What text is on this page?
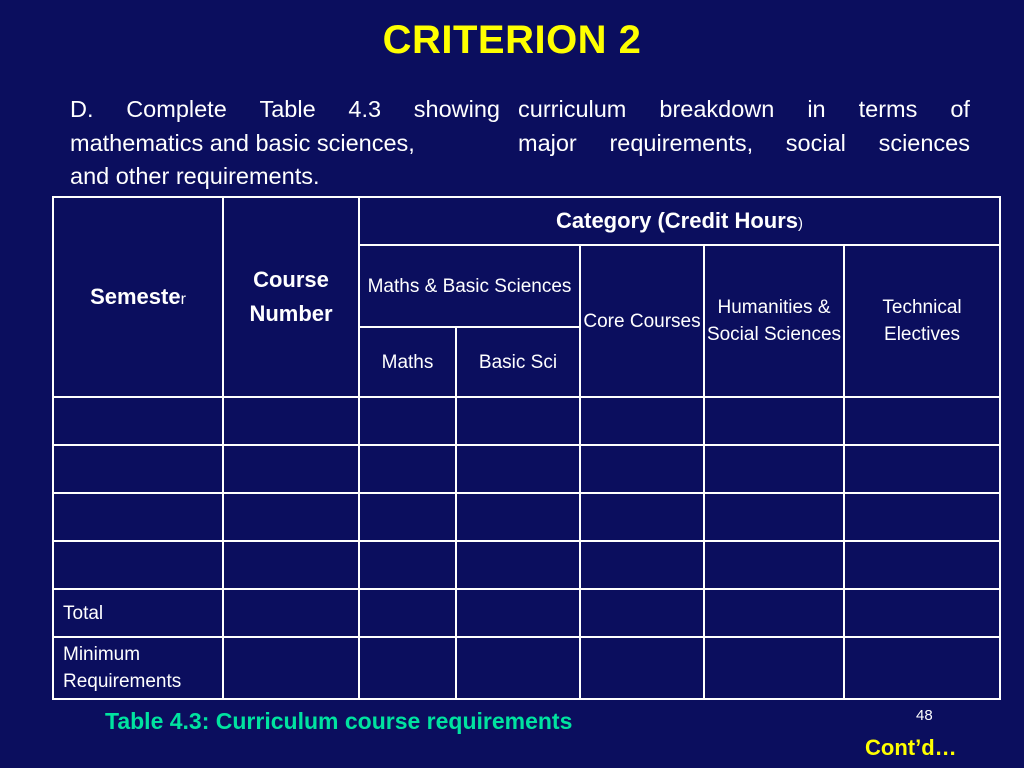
CRITERION 2
D. Complete Table 4.3 showing
mathematics and basic sciences,
and other requirements.
curriculum breakdown in terms of
major requirements, social sciences
Semester	Course Number	Category (Credit Hours)				
		Maths & Basic Sciences		Core Courses	Humanities & Social Sciences	Technical Electives
		Maths	Basic Sci			

Total						
Minimum Requirements						
Table 4.3: Curriculum course requirements	48
Cont’d…
